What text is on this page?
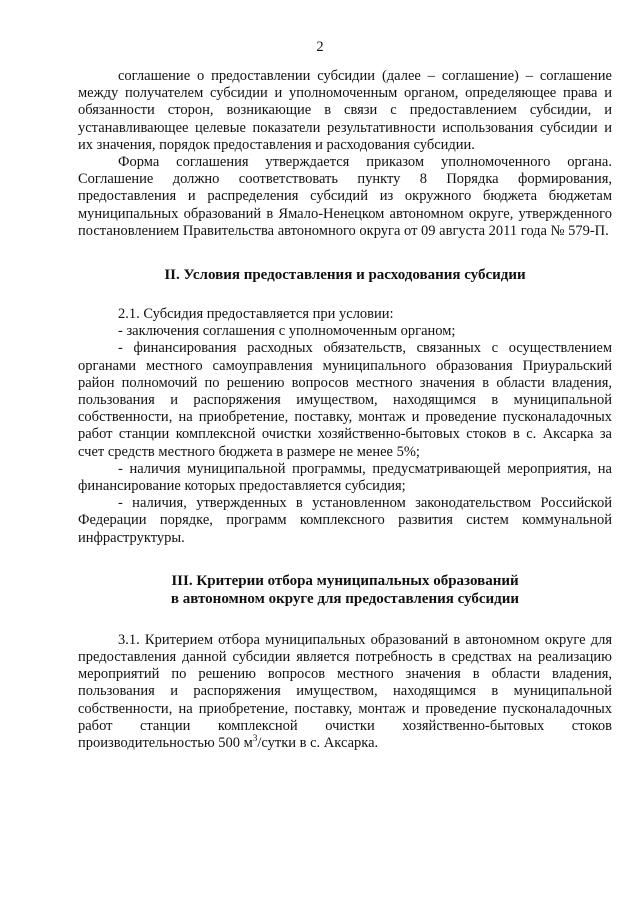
2

соглашение о предоставлении субсидии (далее – соглашение) – соглашение между получателем субсидии и уполномоченным органом, определяющее права и обязанности сторон, возникающие в связи с предоставлением субсидии, и устанавливающее целевые показатели результативности использования субсидии и их значения, порядок предоставления и расходования субсидии.

Форма соглашения утверждается приказом уполномоченного органа. Соглашение должно соответствовать пункту 8 Порядка формирования, предоставления и распределения субсидий из окружного бюджета бюджетам муниципальных образований в Ямало-Ненецком автономном округе, утвержденного постановлением Правительства автономного округа от 09 августа 2011 года № 579-П.

II. Условия предоставления и расходования субсидии

2.1. Субсидия предоставляется при условии:

- заключения соглашения с уполномоченным органом;

- финансирования расходных обязательств, связанных с осуществлением органами местного самоуправления муниципального образования Приуральский район полномочий по решению вопросов местного значения в области владения, пользования и распоряжения имуществом, находящимся в муниципальной собственности, на приобретение, поставку, монтаж и проведение пусконаладочных работ станции комплексной очистки хозяйственно-бытовых стоков в с. Аксарка за счет средств местного бюджета в размере не менее 5%;

- наличия муниципальной программы, предусматривающей мероприятия, на финансирование которых предоставляется субсидия;

- наличия, утвержденных в установленном законодательством Российской Федерации порядке, программ комплексного развития систем коммунальной инфраструктуры.

III. Критерии отбора муниципальных образований

в автономном округе для предоставления субсидии

3.1. Критерием отбора муниципальных образований в автономном округе для предоставления данной субсидии является потребность в средствах на реализацию мероприятий по решению вопросов местного значения в области владения, пользования и распоряжения имуществом, находящимся в муниципальной собственности, на приобретение, поставку, монтаж и проведение пусконаладочных работ станции комплексной очистки хозяйственно-бытовых стоков производительностью 500 $м^3$/сутки в с. Аксарка.
